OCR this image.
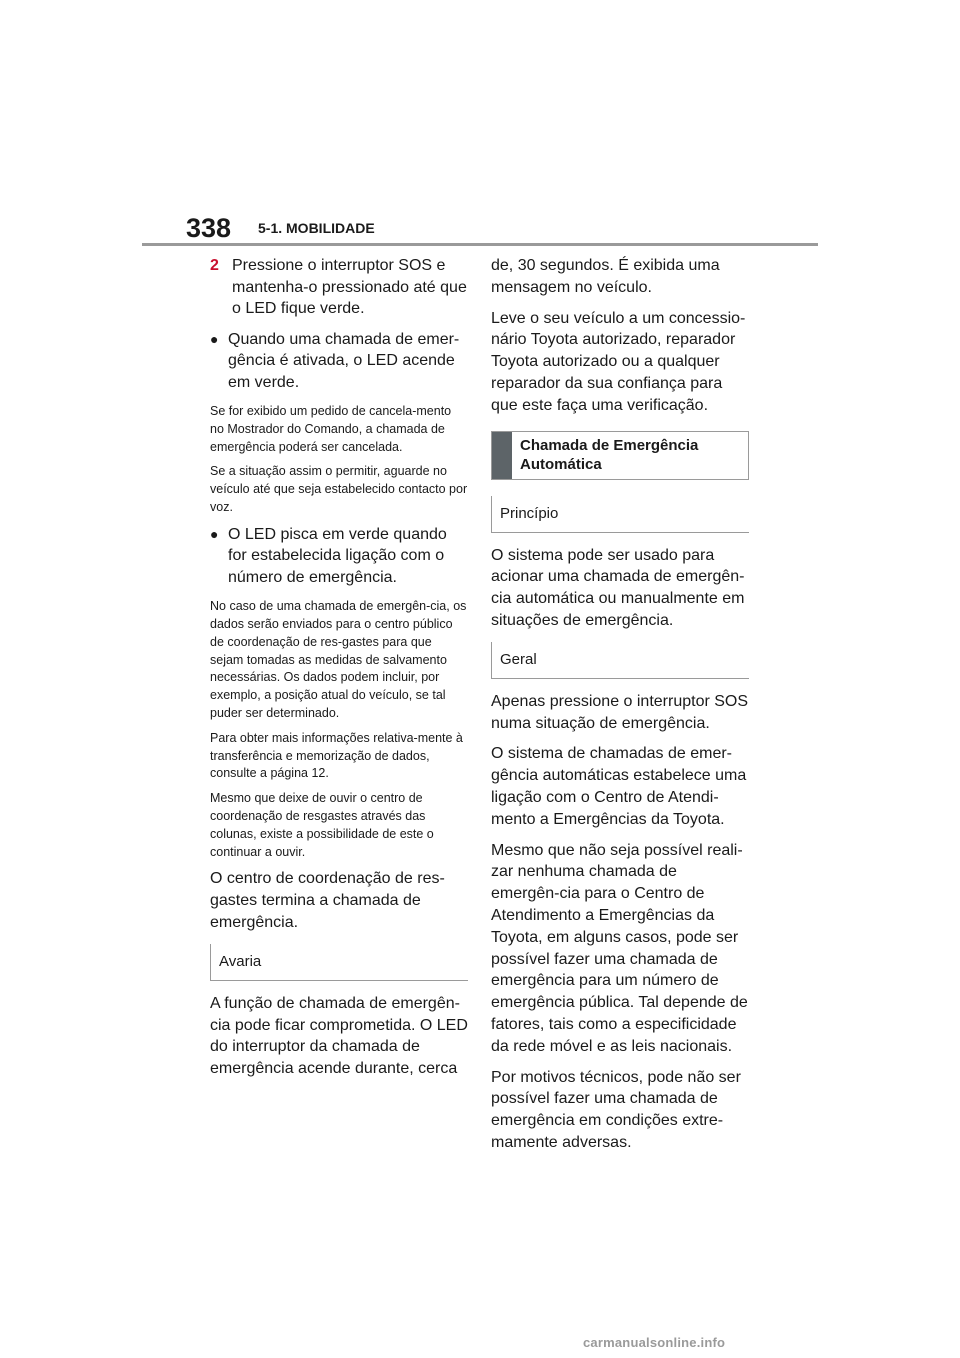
338 5-1. MOBILIDADE
2 Pressione o interruptor SOS e mantenha-o pressionado até que o LED fique verde.
● Quando uma chamada de emer-gência é ativada, o LED acende em verde.

Se for exibido um pedido de cancela-mento no Mostrador do Comando, a chamada de emergência poderá ser cancelada.

Se a situação assim o permitir, aguarde no veículo até que seja estabelecido contacto por voz.

● O LED pisca em verde quando for estabelecida ligação com o número de emergência.

No caso de uma chamada de emergên-cia, os dados serão enviados para o centro público de coordenação de res-gastes para que sejam tomadas as medidas de salvamento necessárias. Os dados podem incluir, por exemplo, a posição atual do veículo, se tal puder ser determinado.

Para obter mais informações relativa-mente à transferência e memorização de dados, consulte a página 12.

Mesmo que deixe de ouvir o centro de coordenação de resgastes através das colunas, existe a possibilidade de este o continuar a ouvir.

O centro de coordenação de res-gastes termina a chamada de emergência.

Avaria

A função de chamada de emergên-cia pode ficar comprometida. O LED do interruptor da chamada de emergência acende durante, cerca

de, 30 segundos. É exibida uma mensagem no veículo.

Leve o seu veículo a um concessio-nário Toyota autorizado, reparador Toyota autorizado ou a qualquer reparador da sua confiança para que este faça uma verificação.

Chamada de Emergência Automática
Princípio

O sistema pode ser usado para acionar uma chamada de emergên-cia automática ou manualmente em situações de emergência.

Geral

Apenas pressione o interruptor SOS numa situação de emergência.

O sistema de chamadas de emer-gência automáticas estabelece uma ligação com o Centro de Atendi-mento a Emergências da Toyota.

Mesmo que não seja possível reali-zar nenhuma chamada de emergên-cia para o Centro de Atendimento a Emergências da Toyota, em alguns casos, pode ser possível fazer uma chamada de emergência para um número de emergência pública. Tal depende de fatores, tais como a especificidade da rede móvel e as leis nacionais.

Por motivos técnicos, pode não ser possível fazer uma chamada de emergência em condições extre-mamente adversas.

carmanualsonline.info
